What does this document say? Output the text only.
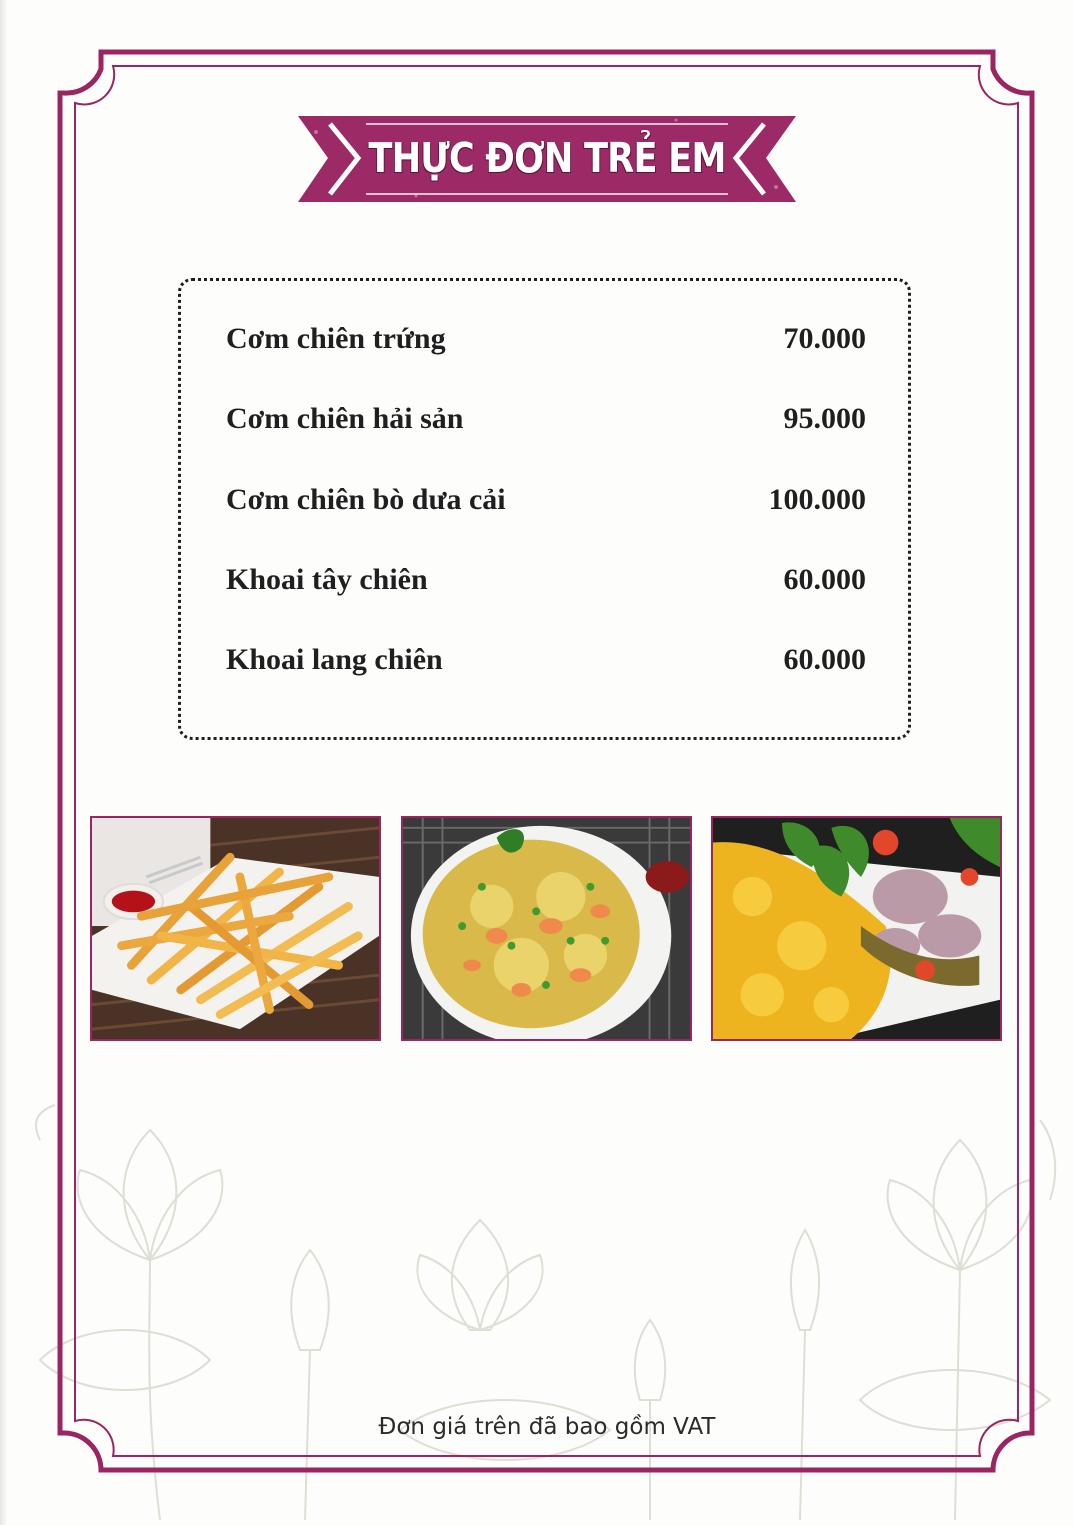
THỰC ĐƠN TRẺ EM
Cơm chiên trứng	70.000
Cơm chiên hải sản	95.000
Cơm chiên bò dưa cải	100.000
Khoai tây chiên	60.000
Khoai lang chiên	60.000
Đơn giá trên đã bao gồm VAT
